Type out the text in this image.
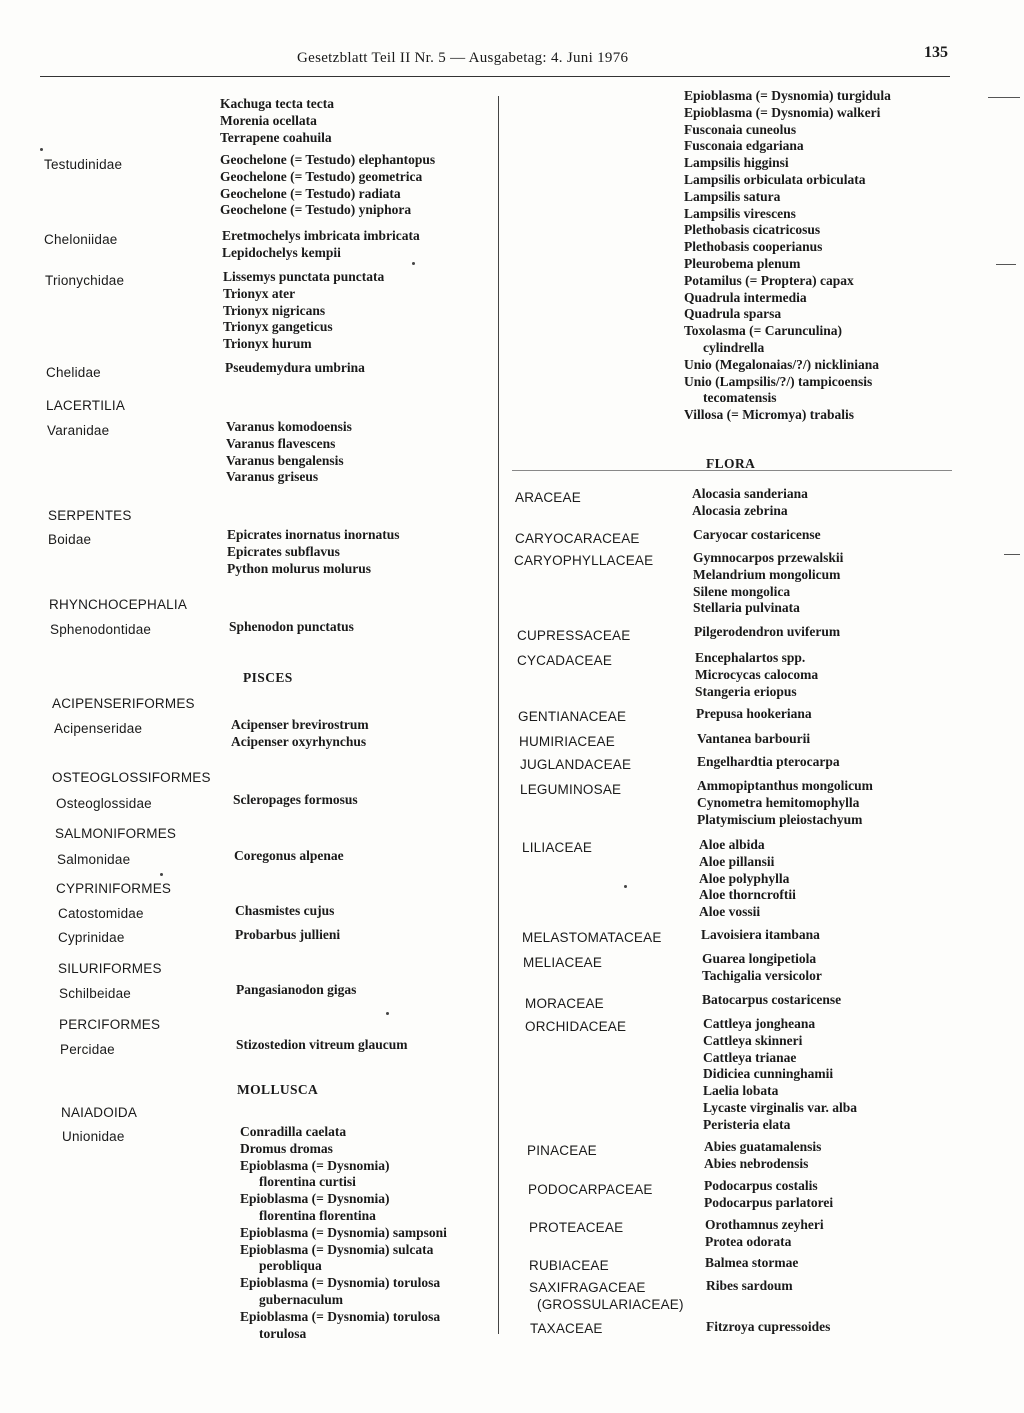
Gesetzblatt Teil II Nr. 5 — Ausgabetag: 4. Juni 1976	135
Kachuga tecta tecta
Morenia ocellata
Terrapene coahuila
Testudinidae	Geochelone (= Testudo) elephantopus
Geochelone (= Testudo) geometrica
Geochelone (= Testudo) radiata
Geochelone (= Testudo) yniphora
Cheloniidae	Eretmochelys imbricata imbricata
Lepidochelys kempii
Trionychidae	Lissemys punctata punctata
Trionyx ater
Trionyx nigricans
Trionyx gangeticus
Trionyx hurum
Chelidae	Pseudemydura umbrina
LACERTILIA
Varanidae	Varanus komodoensis
Varanus flavescens
Varanus bengalensis
Varanus griseus
SERPENTES
Boidae	Epicrates inornatus inornatus
Epicrates subflavus
Python molurus molurus
RHYNCHOCEPHALIA
Sphenodontidae	Sphenodon punctatus
ACIPENSERIFORMES
Acipenseridae	Acipenser brevirostrum
Acipenser oxyrhynchus
OSTEOGLOSSIFORMES
Osteoglossidae	Scleropages formosus
SALMONIFORMES
Salmonidae	Coregonus alpenae
CYPRINIFORMES
Catostomidae	Chasmistes cujus
Cyprinidae	Probarbus jullieni
SILURIFORMES
Schilbeidae	Pangasianodon gigas
PERCIFORMES
Percidae	Stizostedion vitreum glaucum
NAIADOIDA
Unionidae	Conradilla caelata
Dromus dromas
Epioblasma (= Dysnomia)
florentina curtisi
Epioblasma (= Dysnomia)
florentina florentina
Epioblasma (= Dysnomia) sampsoni
Epioblasma (= Dysnomia) sulcata
perobliqua
Epioblasma (= Dysnomia) torulosa
gubernaculum
Epioblasma (= Dysnomia) torulosa
torulosa
PISCES
MOLLUSCA
Epioblasma (= Dysnomia) turgidula
Epioblasma (= Dysnomia) walkeri
Fusconaia cuneolus
Fusconaia edgariana
Lampsilis higginsi
Lampsilis orbiculata orbiculata
Lampsilis satura
Lampsilis virescens
Plethobasis cicatricosus
Plethobasis cooperianus
Pleurobema plenum
Potamilus (= Propterа) capax
Quadrula intermedia
Quadrula sparsa
Toxolasma (= Carunculina)
cylindrella
Unio (Megalonaias/?/) nickliniana
Unio (Lampsilis/?/) tampicoensis
tecomatensis
Villosa (= Micromya) trabalis
ARACEAE	Alocasia sanderiana
Alocasia zebrina
CARYOCARACEAE	Caryocar costaricense
CARYOPHYLLACEAE	Gymnocarpos przewalskii
Melandrium mongolicum
Silene mongolica
Stellaria pulvinata
CUPRESSACEAE	Pilgerodendron uviferum
CYCADACEAE	Encephalartos spp.
Microcycas calocoma
Stangeria eriopus
GENTIANACEAE	Prepusa hookeriana
HUMIRIACEAE	Vantanea barbourii
JUGLANDACEAE	Engelhardtia pterocarpa
LEGUMINOSAE	Ammopiptanthus mongolicum
Cynometra hemitomophylla
Platymiscium pleiostachyum
LILIACEAE	Aloe albida
Aloe pillansii
Aloe polyphylla
Aloe thorncroftii
Aloe vossii
MELASTOMATACEAE	Lavoisiera itambana
MELIACEAE	Guarea longipetiola
Tachigalia versicolor
MORACEAE	Batocarpus costaricense
ORCHIDACEAE	Cattleya jongheana
Cattleya skinneri
Cattleya trianae
Didiciea cunninghamii
Laelia lobata
Lycaste virginalis var. alba
Peristeria elata
PINACEAE	Abies guatamalensis
Abies nebrodensis
PODOCARPACEAE	Podocarpus costalis
Podocarpus parlatorei
PROTEACEAE	Orothamnus zeyheri
Protea odorata
RUBIACEAE	Balmea stormae
SAXIFRAGACEAE	Ribes sardoum
(GROSSULARIACEAE)
TAXACEAE	Fitzroya cupressoides
FLORA
